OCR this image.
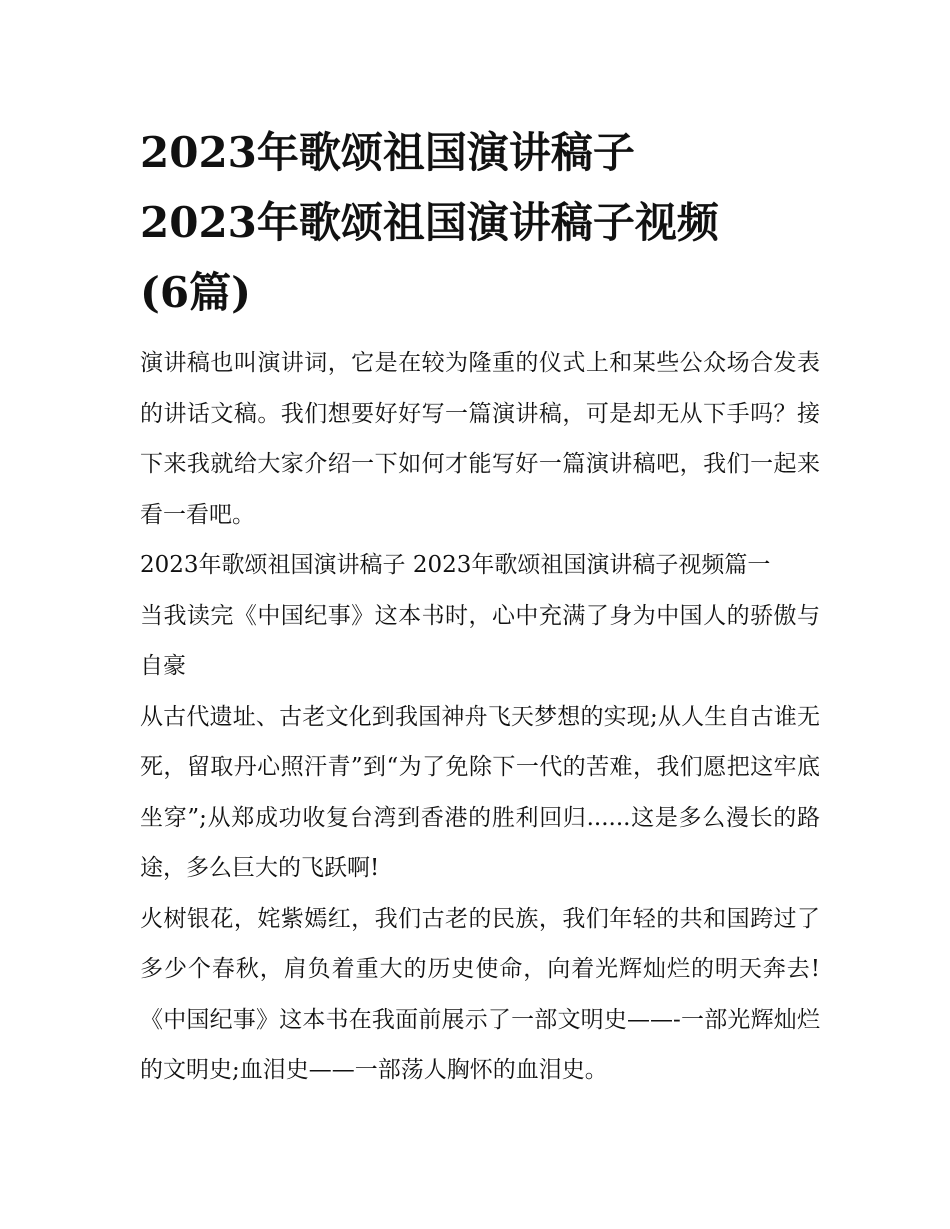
2023年歌颂祖国演讲稿子
2023年歌颂祖国演讲稿子视频
(6篇)

演讲稿也叫演讲词，它是在较为隆重的仪式上和某些公众场合发表的讲话文稿。我们想要好好写一篇演讲稿，可是却无从下手吗？接下来我就给大家介绍一下如何才能写好一篇演讲稿吧，我们一起来看一看吧。

2023年歌颂祖国演讲稿子 2023年歌颂祖国演讲稿子视频篇一

当我读完《中国纪事》这本书时，心中充满了身为中国人的骄傲与自豪

从古代遗址、古老文化到我国神舟飞天梦想的实现;从人生自古谁无死，留取丹心照汗青”到“为了免除下一代的苦难，我们愿把这牢底坐穿”;从郑成功收复台湾到香港的胜利回归......这是多么漫长的路途，多么巨大的飞跃啊!

火树银花，姹紫嫣红，我们古老的民族，我们年轻的共和国跨过了多少个春秋，肩负着重大的历史使命，向着光辉灿烂的明天奔去!《中国纪事》这本书在我面前展示了一部文明史——-一部光辉灿烂的文明史;血泪史——一部荡人胸怀的血泪史。
